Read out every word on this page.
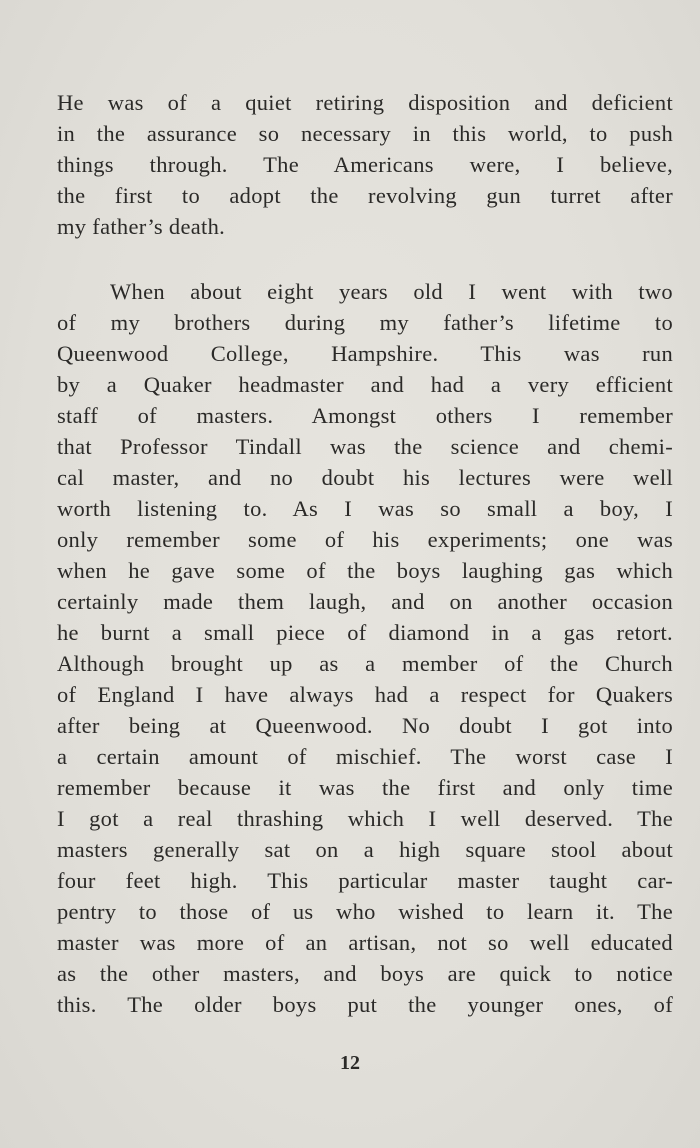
He was of a quiet retiring disposition and deficient
in the assurance so necessary in this world, to push
things through. The Americans were, I believe,
the first to adopt the revolving gun turret after
my father’s death.
When about eight years old I went with two
of my brothers during my father’s lifetime to
Queenwood College, Hampshire. This was run
by a Quaker headmaster and had a very efficient
staff of masters. Amongst others I remember
that Professor Tindall was the science and chemi-
cal master, and no doubt his lectures were well
worth listening to. As I was so small a boy, I
only remember some of his experiments; one was
when he gave some of the boys laughing gas which
certainly made them laugh, and on another occasion
he burnt a small piece of diamond in a gas retort.
Although brought up as a member of the Church
of England I have always had a respect for Quakers
after being at Queenwood. No doubt I got into
a certain amount of mischief. The worst case I
remember because it was the first and only time
I got a real thrashing which I well deserved. The
masters generally sat on a high square stool about
four feet high. This particular master taught car-
pentry to those of us who wished to learn it. The
master was more of an artisan, not so well educated
as the other masters, and boys are quick to notice
this. The older boys put the younger ones, of
12
